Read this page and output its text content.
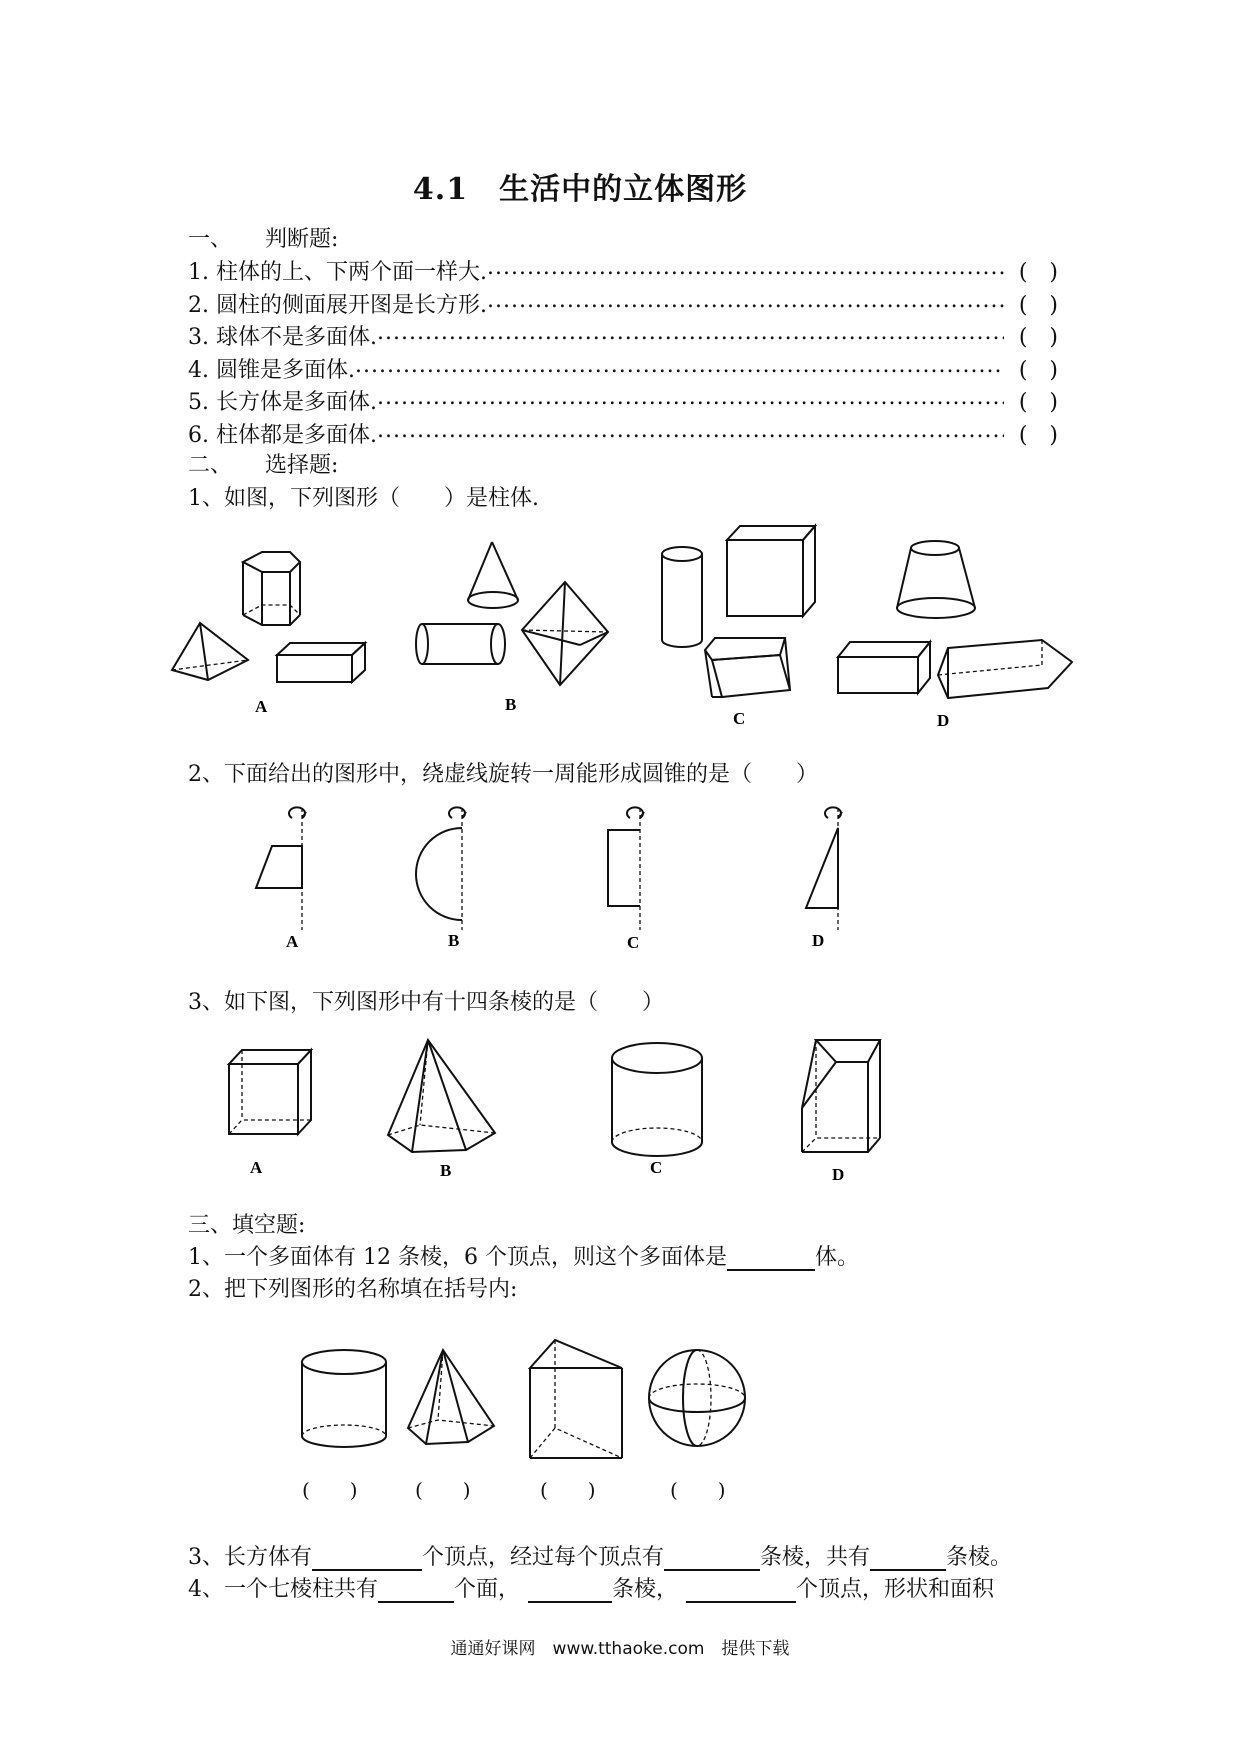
4.1　生活中的立体图形
一、　　判断题:
1. 柱体的上、下两个面一样大. .....	(　)
2. 圆柱的侧面展开图是长方形. .....	(　)
3. 球体不是多面体. .....	(　)
4. 圆锥是多面体. .....	(　)
5. 长方体是多面体. .....	(　)
6. 柱体都是多面体. .....	(　)
二、　　选择题:
1、如图，下列图形（　　）是柱体.
A	B
C	D
2、下面给出的图形中，绕虚线旋转一周能形成圆锥的是（　　）
A	B	C	D
3、如下图，下列图形中有十四条棱的是（　　）
A	B	C	D
三、填空题:
1、一个多面体有 12 条棱，6 个顶点，则这个多面体是	体。
2、把下列图形的名称填在括号内:
(　　)	(　　)	(　　)	(　　)
3、长方体有	个顶点，经过每个顶点有	条棱，共有	条棱。
4、一个七棱柱共有	个面，	条棱，	个顶点，形状和面积
通通好课网　www.tthaoke.com　提供下载
